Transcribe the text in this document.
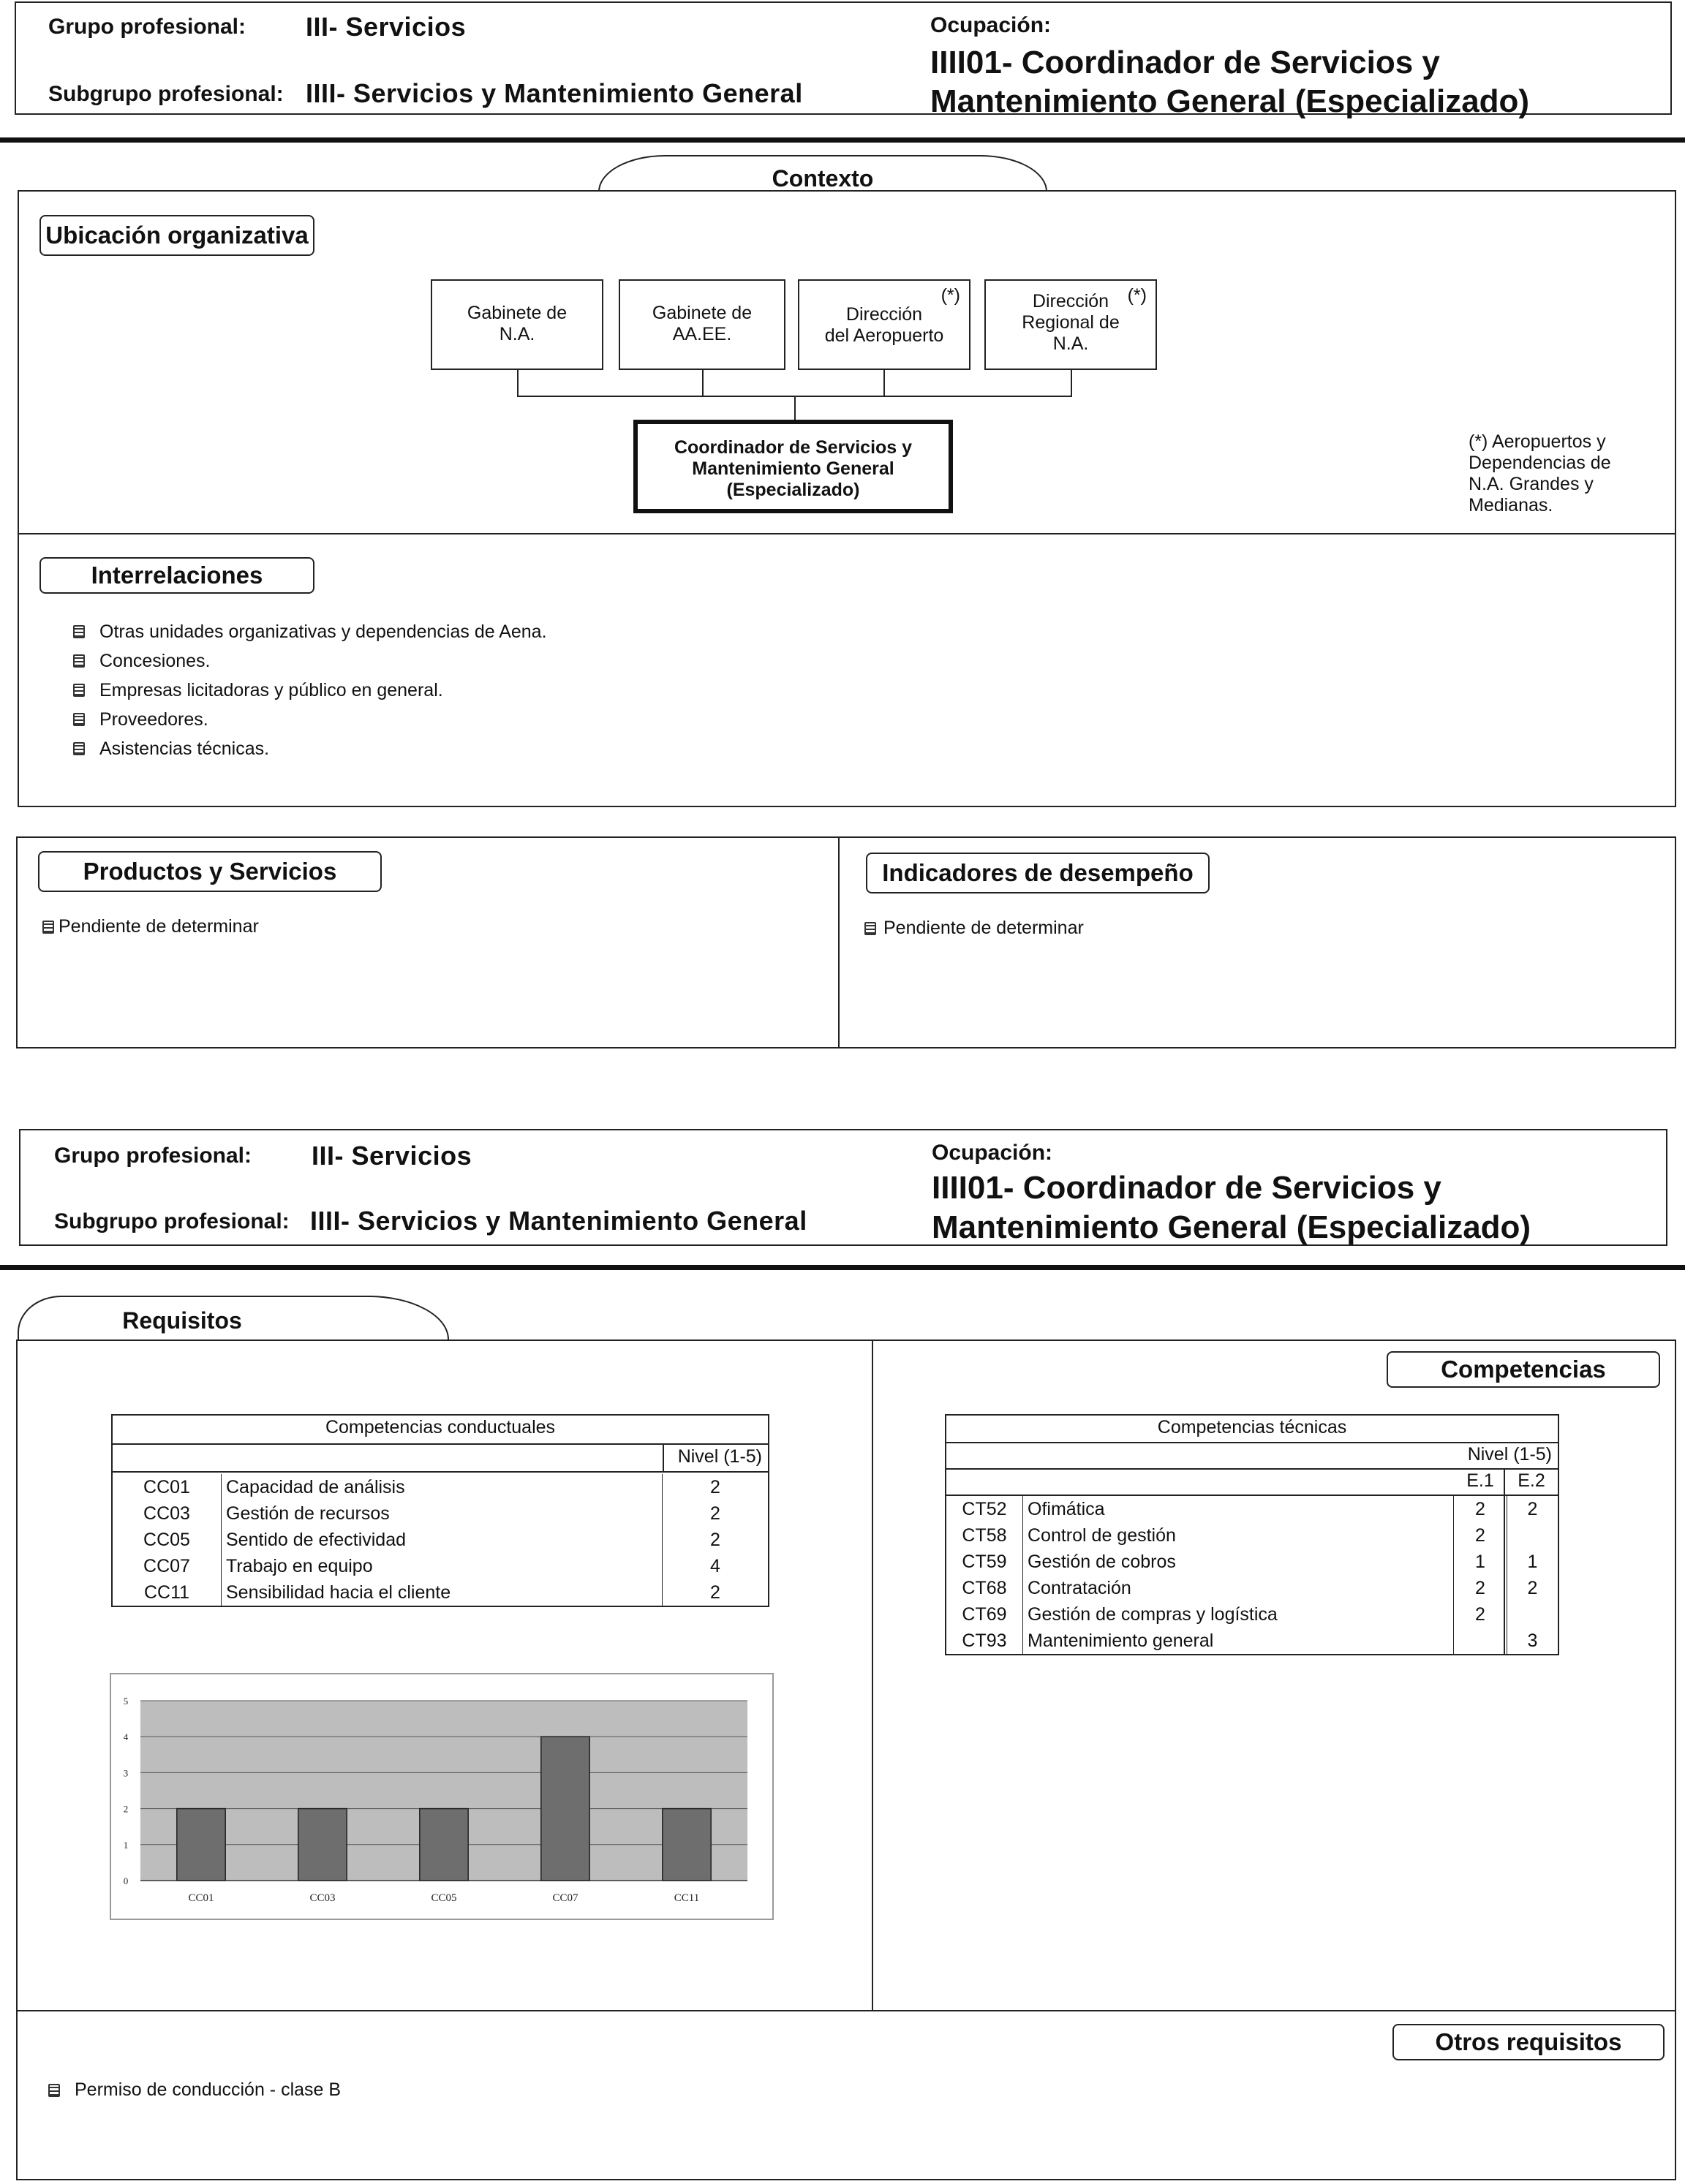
Grupo profesional: III- Servicios
Subgrupo profesional: IIII- Servicios y Mantenimiento General
Ocupación:
IIII01- Coordinador de Servicios y
Mantenimiento General (Especializado)
Contexto
Ubicación organizativa
Gabinete de
N.A.
Gabinete de
AA.EE.
(*)
Dirección
del Aeropuerto
(*)
Dirección
Regional de
N.A.
Coordinador de Servicios y
Mantenimiento General
(Especializado)
(*) Aeropuertos y
Dependencias de
N.A. Grandes y
Medianas.
Interrelaciones
Otras unidades organizativas y dependencias de Aena.
Concesiones.
Empresas licitadoras y público en general.
Proveedores.
Asistencias técnicas.
Productos y Servicios
Pendiente de determinar
Indicadores de desempeño
Pendiente de determinar
Grupo profesional: III- Servicios
Subgrupo profesional: IIII- Servicios y Mantenimiento General
Ocupación:
IIII01- Coordinador de Servicios y
Mantenimiento General (Especializado)
Requisitos
Competencias
Competencias conductuales
Nivel (1-5)
CC01	Capacidad de análisis	2
CC03	Gestión de recursos	2
CC05	Sentido de efectividad	2
CC07	Trabajo en equipo	4
CC11	Sensibilidad hacia el cliente	2
Competencias técnicas
Nivel (1-5)
E.1	E.2
CT52	Ofimática	2	2
CT58	Control de gestión	2	
CT59	Gestión de cobros	1	1
CT68	Contratación	2	2
CT69	Gestión de compras y logística	2	
CT93	Mantenimiento general		3
0
1
2
3
4
5
CC01	CC03	CC05	CC07	CC11
Otros requisitos
Permiso de conducción - clase B
